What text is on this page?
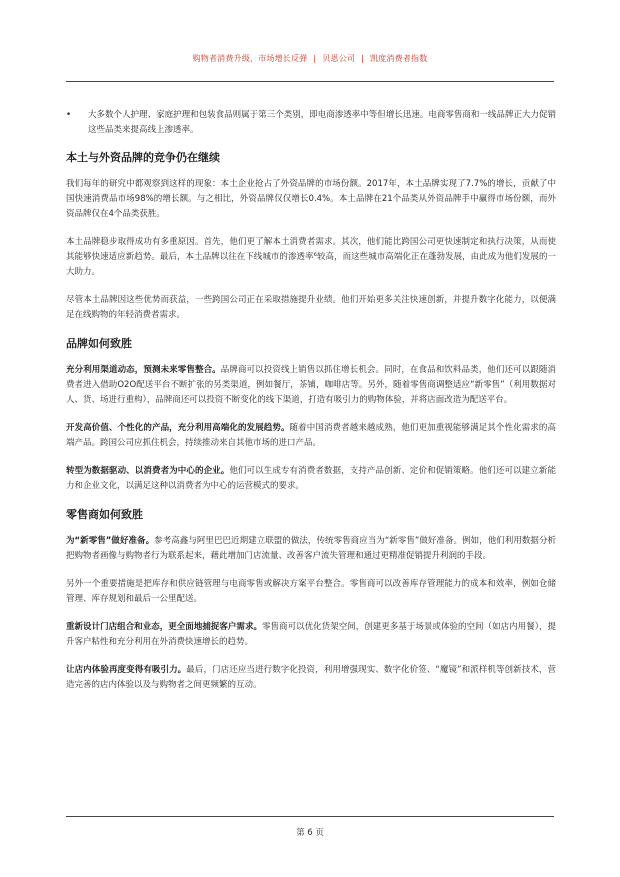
购物者消费升级，市场增长反弹 | 贝恩公司 | 凯度消费者指数
• 大多数个人护理、家庭护理和包装食品则属于第三个类别，即电商渗透率中等但增长迅速。电商零售商和一线品牌正大力促销这些品类来提高线上渗透率。
本土与外资品牌的竞争仍在继续

我们每年的研究中都观察到这样的现象：本土企业抢占了外资品牌的市场份额。2017年，本土品牌实现了7.7%的增长，贡献了中国快速消费品市场98%的增长额。与之相比，外资品牌仅仅增长0.4%。本土品牌在21个品类从外资品牌手中赢得市场份额，而外资品牌仅在4个品类获胜。

本土品牌稳步取得成功有多重原因。首先，他们更了解本土消费者需求。其次，他们能比跨国公司更快速制定和执行决策，从而使其能够快速适应新趋势。最后，本土品牌以往在下线城市的渗透率⁶较高，而这些城市高端化正在蓬勃发展，由此成为他们发展的一大助力。

尽管本土品牌因这些优势而获益，一些跨国公司正在采取措施提升业绩。他们开始更多关注快速创新，并提升数字化能力，以便满足在线购物的年轻消费者需求。

品牌如何致胜

充分利用渠道动态，预测未来零售整合。品牌商可以投资线上销售以抓住增长机会。同时，在食品和饮料品类，他们还可以跟随消费者进入借助O2O配送平台不断扩张的另类渠道，例如餐厅，茶铺，咖啡店等。另外，随着零售商调整适应“新零售”（利用数据对人、货、场进行重构），品牌商还可以投资不断变化的线下渠道，打造有吸引力的购物体验，并将店面改造为配送平台。

开发高价值、个性化的产品，充分利用高端化的发展趋势。随着中国消费者越来越成熟，他们更加重视能够满足其个性化需求的高端产品。跨国公司应抓住机会，持续推动来自其他市场的进口产品。

转型为数据驱动、以消费者为中心的企业。他们可以生成专有消费者数据，支持产品创新、定价和促销策略。他们还可以建立新能力和企业文化，以满足这种以消费者为中心的运营模式的要求。

零售商如何致胜

为“新零售”做好准备。参考高鑫与阿里巴巴近期建立联盟的做法，传统零售商应当为“新零售”做好准备。例如，他们利用数据分析把购物者画像与购物者行为联系起来，藉此增加门店流量、改善客户流失管理和通过更精准促销提升利润的手段。

另外一个重要措施是把库存和供应链管理与电商零售或解决方案平台整合。零售商可以改善库存管理能力的成本和效率，例如仓储管理、库存规划和最后一公里配送。

重新设计门店组合和业态，更全面地捕捉客户需求。零售商可以优化货架空间，创建更多基于场景或体验的空间（如店内用餐），提升客户粘性和充分利用在外消费快速增长的趋势。

让店内体验再度变得有吸引力。最后，门店还应当进行数字化投资，利用增强现实、数字化价签、“魔镜”和派样机等创新技术，营造完善的店内体验以及与购物者之间更频繁的互动。

第 6 页
